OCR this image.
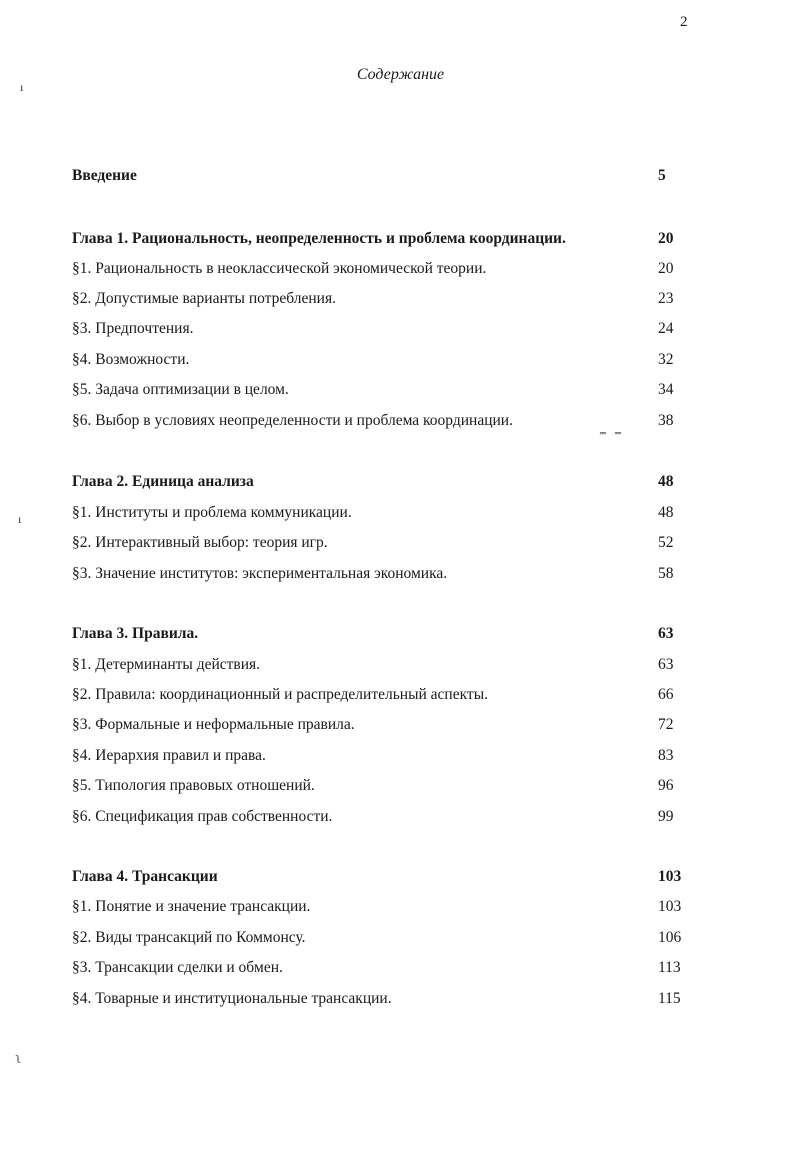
2
Содержание
Введение	5
Глава 1. Рациональность, неопределенность и проблема координации.	20
§1. Рациональность в неоклассической экономической теории.	20
§2. Допустимые варианты потребления.	23
§3. Предпочтения.	24
§4. Возможности.	32
§5. Задача оптимизации в целом.	34
§6. Выбор в условиях неопределенности и проблема координации.	38
Глава 2. Единица анализа	48
§1. Институты и проблема коммуникации.	48
§2. Интерактивный выбор: теория игр.	52
§3. Значение институтов: экспериментальная экономика.	58
Глава 3. Правила.	63
§1. Детерминанты действия.	63
§2. Правила: координационный и распределительный аспекты.	66
§3. Формальные и неформальные правила.	72
§4. Иерархия правил и права.	83
§5. Типология правовых отношений.	96
§6. Спецификация прав собственности.	99
Глава 4. Трансакции	103
§1. Понятие и значение трансакции.	103
§2. Виды трансакций по Коммонсу.	106
§3. Трансакции сделки и обмен.	113
§4. Товарные и институциональные трансакции.	115
ı
ı
ʅ
‗ ‗
